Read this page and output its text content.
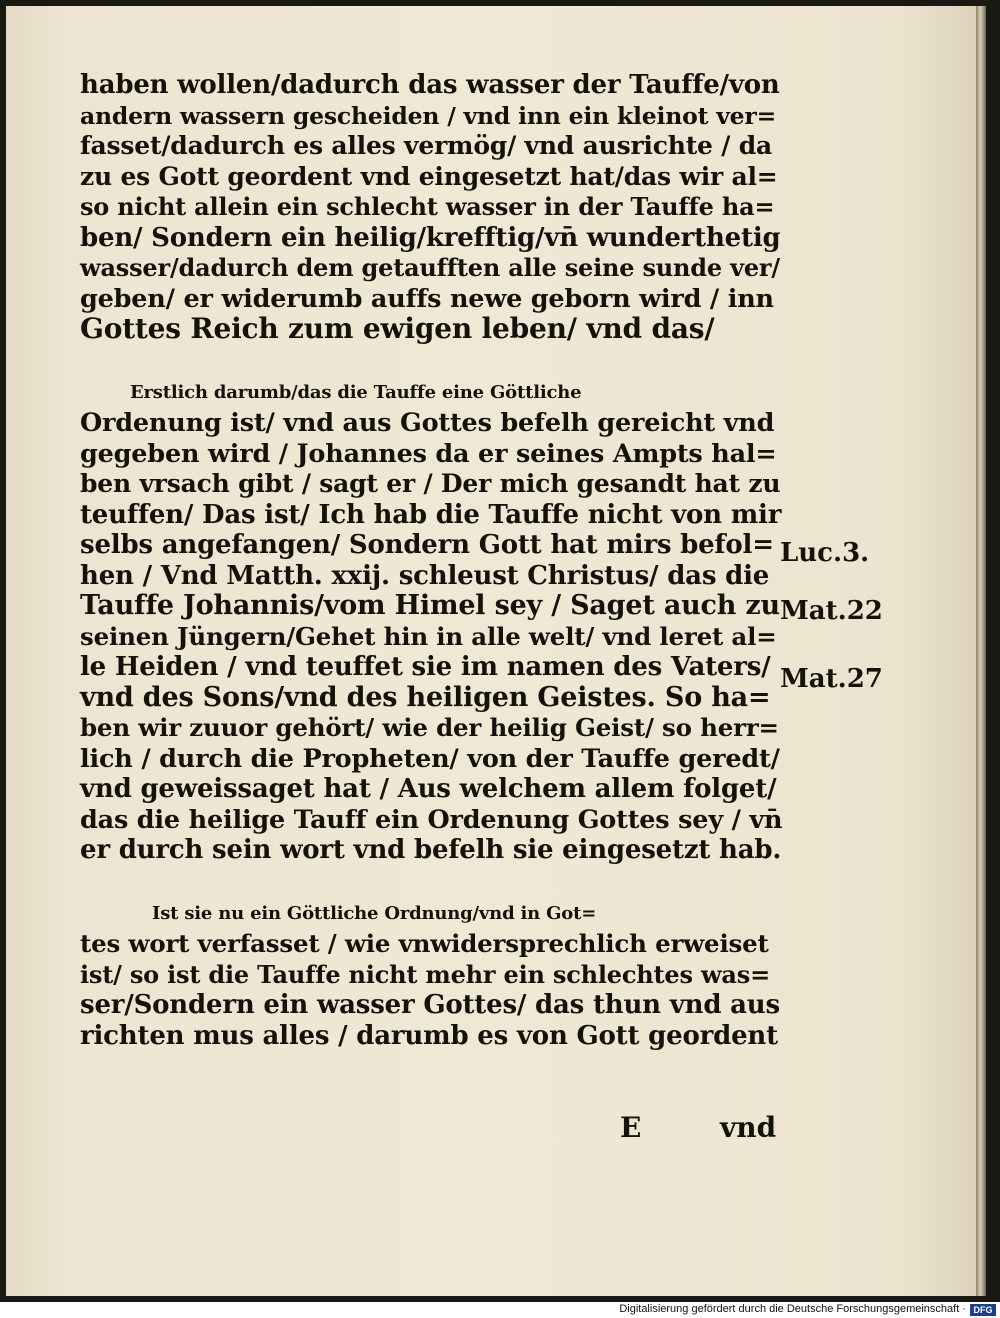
haben wollen/dadurch das wasser der Tauffe/von
andern wassern gescheiden / vnd inn ein kleinot ver=
fasset/dadurch es alles vermög/ vnd ausrichte / da
zu es Gott geordent vnd eingesetzt hat/das wir al=
so nicht allein ein schlecht wasser in der Tauffe ha=
ben/ Sondern ein heilig/krefftig/vn̄ wunderthetig
wasser/dadurch dem getaufften alle seine sunde ver/
geben/ er widerumb auffs newe geborn wird / inn
Gottes Reich zum ewigen leben/ vnd das/
Erstlich darumb/das die Tauffe eine Göttliche
Ordenung ist/ vnd aus Gottes befelh gereicht vnd
gegeben wird / Johannes da er seines Ampts hal=
ben vrsach gibt / sagt er / Der mich gesandt hat zu
teuffen/ Das ist/ Ich hab die Tauffe nicht von mir
selbs angefangen/ Sondern Gott hat mirs befol=
hen / Vnd Matth. xxij. schleust Christus/ das die
Tauffe Johannis/vom Himel sey / Saget auch zu
seinen Jüngern/Gehet hin in alle welt/ vnd leret al=
le Heiden / vnd teuffet sie im namen des Vaters/
vnd des Sons/vnd des heiligen Geistes. So ha=
ben wir zuuor gehört/ wie der heilig Geist/ so herr=
lich / durch die Propheten/ von der Tauffe geredt/
vnd geweissaget hat / Aus welchem allem folget/
das die heilige Tauff ein Ordenung Gottes sey / vn̄
er durch sein wort vnd befelh sie eingesetzt hab.
Ist sie nu ein Göttliche Ordnung/vnd in Got=
tes wort verfasset / wie vnwidersprechlich erweiset
ist/ so ist die Tauffe nicht mehr ein schlechtes was=
ser/Sondern ein wasser Gottes/ das thun vnd aus
richten mus alles / darumb es von Gott geordent
E	vnd
Luc.3.
Mat.22
Mat.27
Digitalisierung gefördert durch die Deutsche Forschungsgemeinschaft · DFG
